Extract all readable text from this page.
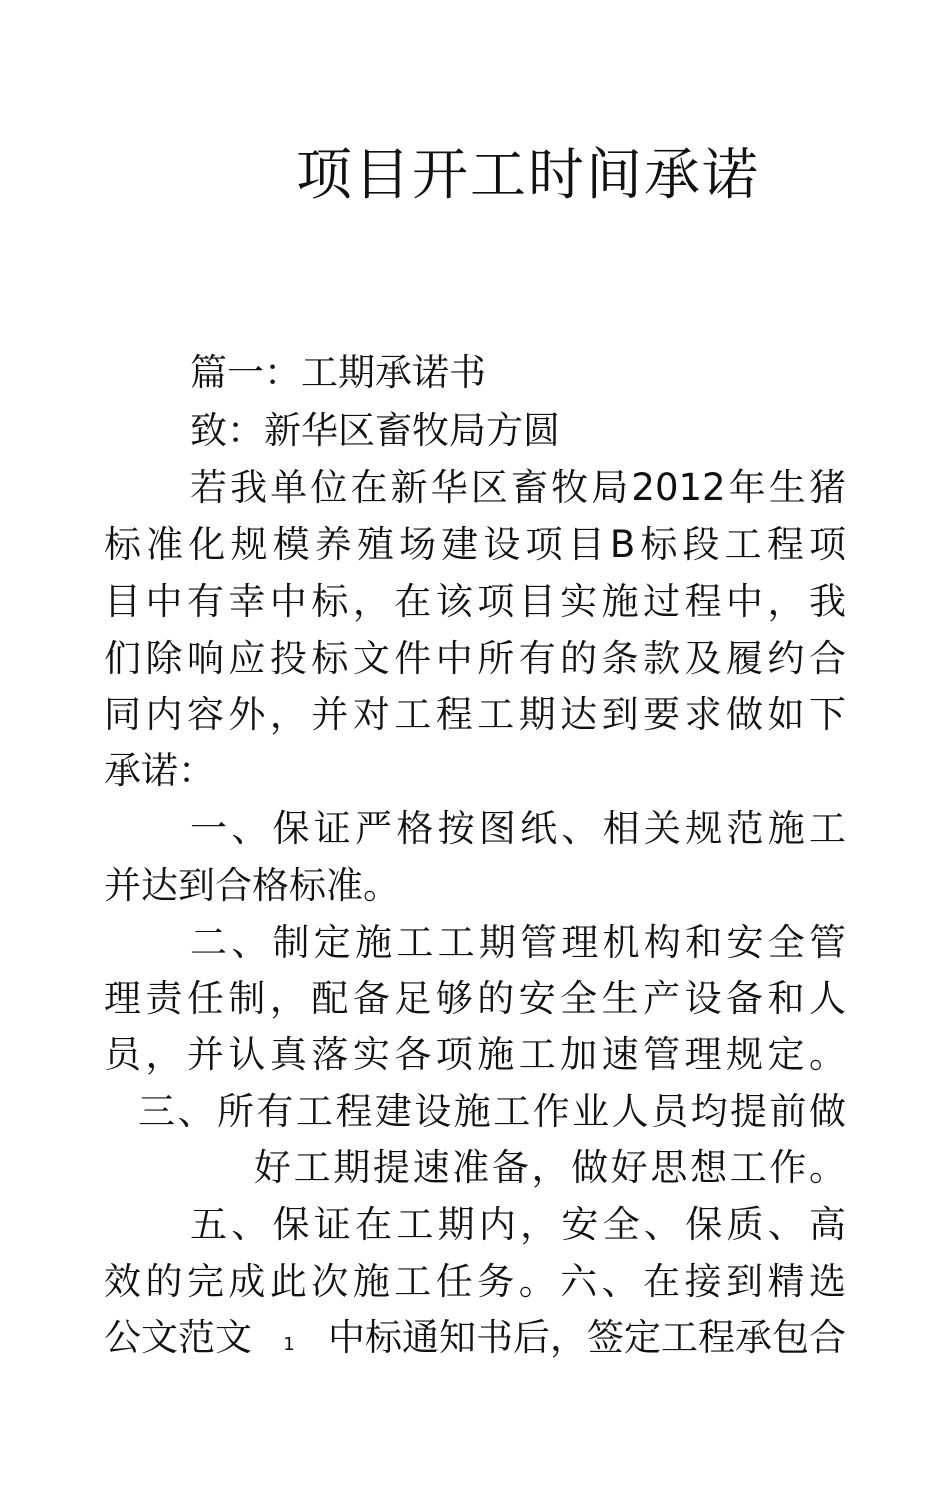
项目开工时间承诺
篇一：工期承诺书
致：新华区畜牧局方圆
若我单位在新华区畜牧局2012年生猪
标准化规模养殖场建设项目B标段工程项
目中有幸中标，在该项目实施过程中，我
们除响应投标文件中所有的条款及履约合
同内容外，并对工程工期达到要求做如下
承诺：
一、保证严格按图纸、相关规范施工
并达到合格标准。
二、制定施工工期管理机构和安全管
理责任制，配备足够的安全生产设备和人
员，并认真落实各项施工加速管理规定。
三、所有工程建设施工作业人员均提前做
好工期提速准备，做好思想工作。
五、保证在工期内，安全、保质、高
效的完成此次施工任务。六、在接到精选
公文范文 1 中标通知书后，签定工程承包合
